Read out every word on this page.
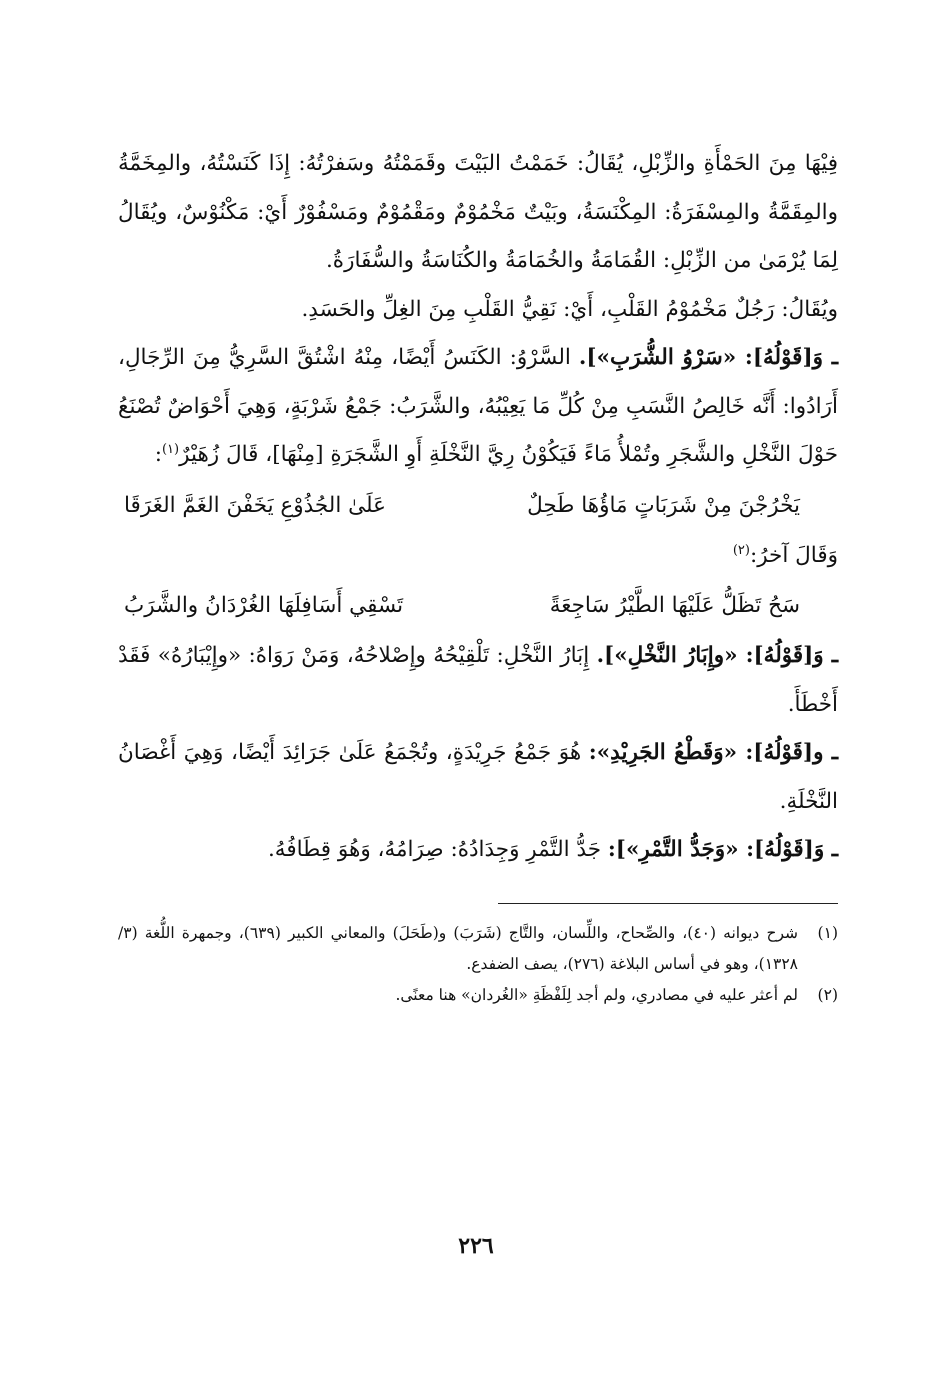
فِيْهَا مِنَ الحَمْأَةِ والزِّبْلِ، يُقَالُ: خَمَمْتُ البَيْتَ وقَمَمْتُهُ وسَفرْتُهُ: إِذَا كَنَسْتُهُ، والمِخَمَّةُ والمِقَمَّةُ والمِسْفَرَةُ: المِكْنَسَةُ، وبَيْتٌ مَخْمُوْمٌ ومَقْمُوْمٌ ومَسْفُوْرٌ أَيْ: مَكْنُوْسٌ، ويُقَالُ لِمَا يُرْمَىٰ من الزِّبْلِ: القُمَامَةُ والخُمَامَةُ والكُنَاسَةُ والسُّفَارَةُ.

ويُقَالُ: رَجُلٌ مَخْمُوْمُ القَلْبِ، أَيْ: نَقِيُّ القَلْبِ مِنَ الغِلِّ والحَسَدِ.

ـ وَ[قَوْلُهُ]: «سَرْوُ الشُّرَبِ»]. السَّرْوُ: الكَنَسُ أَيْضًا، مِنْهُ اشْتُقَّ السَّرِيُّ مِنَ الرِّجَالِ، أَرَادُوا: أَنَّه خَالِصُ النَّسَبِ مِنْ كُلِّ مَا يَعِيْبُهُ، والشَّرَبُ: جَمْعُ شَرْبَةٍ، وَهِيَ أَحْوَاضٌ تُصْنَعُ حَوْلَ النَّخْلِ والشَّجَرِ وتُمْلأُ مَاءً فَيَكُوْنُ رِيَّ النَّخْلَةِ أَوِ الشَّجَرَةِ [مِنْهَا]، قَالَ زُهَيْرٌ$^{(١)}$:

يَخْرُجْنَ مِنْ شَرَبَاتٍ مَاؤُهَا طَحِلٌ
عَلَىٰ الجُذُوْعِ يَخَفْنَ الغَمَّ الغَرَقَا

وَقَالَ آخرُ:$^{(٢)}$

سَحُ تَظَلُّ عَلَيْهَا الطَّيْرُ سَاجِعَةً
تَسْقِي أَسَافِلَهَا الغُرْدَانُ والشَّرَبُ

ـ وَ[قَوْلُهُ]: «وإِبَارُ النَّخْلِ»]. إِبَارُ النَّخْلِ: تَلْقِيْحُهُ وإِصْلاحُهُ، وَمَنْ رَوَاهُ: «وإِيْبَارُهُ» فَقَدْ أَخْطَأَ.

ـ و[قَوْلُهُ]: «وَقَطْعُ الجَرِيْدِ»: هُوَ جَمْعُ جَرِيْدَةٍ، وتُجْمَعُ عَلَىٰ جَرَائِدَ أَيْضًا، وَهِيَ أَغْصَانُ النَّخْلَةِ.

ـ وَ[قَوْلُهُ]: «وَجَدُّ التَّمْرِ»]: جَدُّ التَّمْرِ وَجِدَادُهُ: صِرَامُهُ، وَهُوَ قِطَافُهُ.

(١)
شرح ديوانه (٤٠)، والصِّحاح، واللِّسان، والتَّاج (شَرَبَ) و(طَحَلَ) والمعاني الكبير (٦٣٩)، وجمهرة اللُّغة (٣/ ١٣٢٨)، وهو في أساس البلاغة (٢٧٦)، يصف الضفدع.
(٢)
لم أعثر عليه في مصادري، ولم أجد لِلَفْظَةِ «الغُردان» هنا معنًى.
٢٢٦
